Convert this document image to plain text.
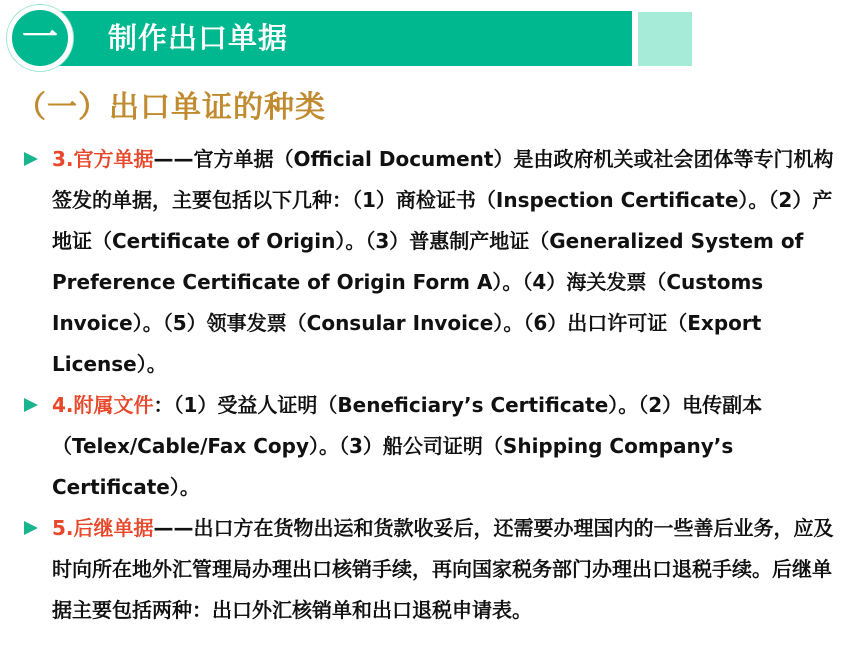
制作出口单据
一
（一）出口单证的种类

3.官方单据——官方单据（Official Document）是由政府机关或社会团体等专门机构签发的单据，主要包括以下几种：（1）商检证书（Inspection Certificate）。（2）产地证（Certificate of Origin）。（3）普惠制产地证（Generalized System of Preference Certificate of Origin Form A）。（4）海关发票（Customs Invoice）。（5）领事发票（Consular Invoice）。（6）出口许可证（Export License）。

4.附属文件：（1）受益人证明（Beneficiary’s Certificate）。（2）电传副本（Telex/Cable/Fax Copy）。（3）船公司证明（Shipping Company’s Certificate）。

5.后继单据——出口方在货物出运和货款收妥后，还需要办理国内的一些善后业务，应及时向所在地外汇管理局办理出口核销手续，再向国家税务部门办理出口退税手续。后继单据主要包括两种：出口外汇核销单和出口退税申请表。
